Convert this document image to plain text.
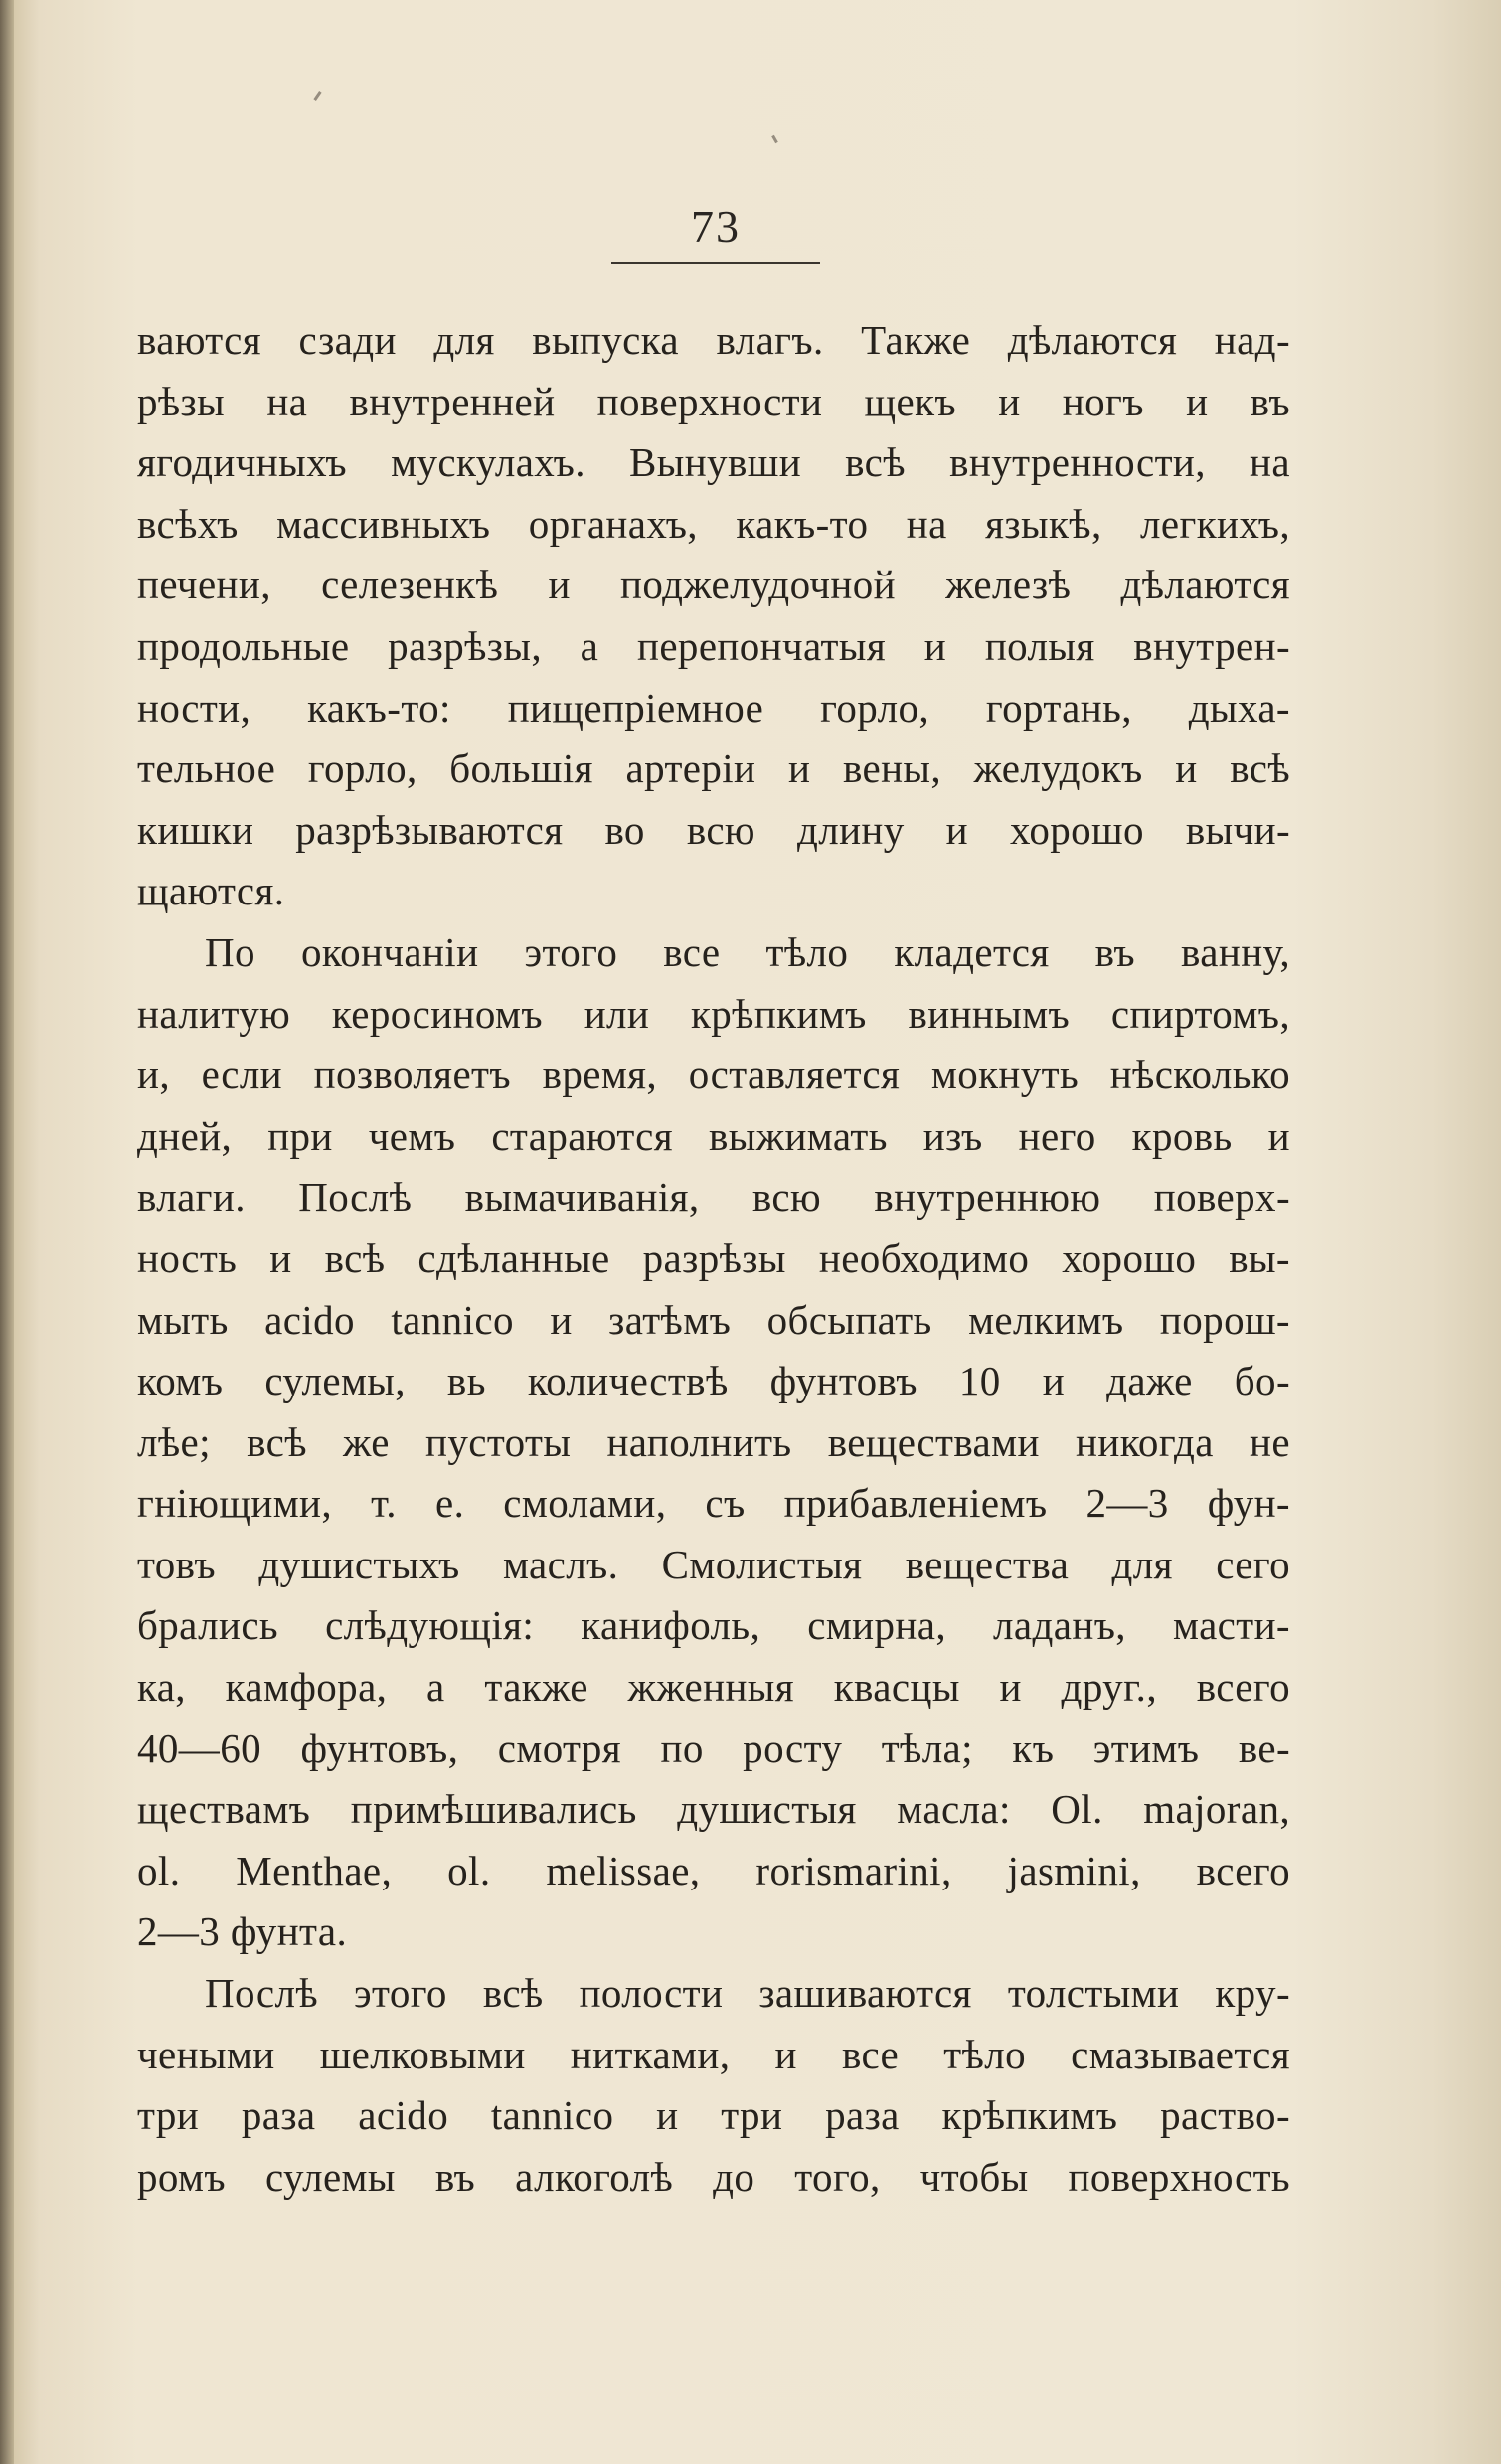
73
ваются сзади для выпуска влагъ. Также дѣлаются над-
рѣзы на внутренней поверхности щекъ и ногъ и въ
ягодичныхъ мускулахъ. Вынувши всѣ внутренности, на
всѣхъ массивныхъ органахъ, какъ-то на языкѣ, легкихъ,
печени, селезенкѣ и поджелудочной железѣ дѣлаются
продольные разрѣзы, а перепончатыя и полыя внутрен-
ности, какъ-то: пищепріемное горло, гортань, дыха-
тельное горло, большія артеріи и вены, желудокъ и всѣ
кишки разрѣзываются во всю длину и хорошо вычи-
щаются.
По окончаніи этого все тѣло кладется въ ванну,
налитую керосиномъ или крѣпкимъ виннымъ спиртомъ,
и, если позволяетъ время, оставляется мокнуть нѣсколько
дней, при чемъ стараются выжимать изъ него кровь и
влаги. Послѣ вымачиванія, всю внутреннюю поверх-
ность и всѣ сдѣланные разрѣзы необходимо хорошо вы-
мыть acido tannico и затѣмъ обсыпать мелкимъ порош-
комъ сулемы, вь количествѣ фунтовъ 10 и даже бо-
лѣе; всѣ же пустоты наполнить веществами никогда не
гніющими, т. е. смолами, съ прибавленіемъ 2—3 фун-
товъ душистыхъ маслъ. Смолистыя вещества для сего
брались слѣдующія: канифоль, смирна, ладанъ, масти-
ка, камфора, а также жженныя квасцы и друг., всего
40—60 фунтовъ, смотря по росту тѣла; къ этимъ ве-
ществамъ примѣшивались душистыя масла: Ol. majoran,
ol. Menthae, ol. melissae, rorismarini, jasmini, всего
2—3 фунта.
Послѣ этого всѣ полости зашиваются толстыми кру-
чеными шелковыми нитками, и все тѣло смазывается
три раза acido tannico и три раза крѣпкимъ раство-
ромъ сулемы въ алкоголѣ до того, чтобы поверхность
